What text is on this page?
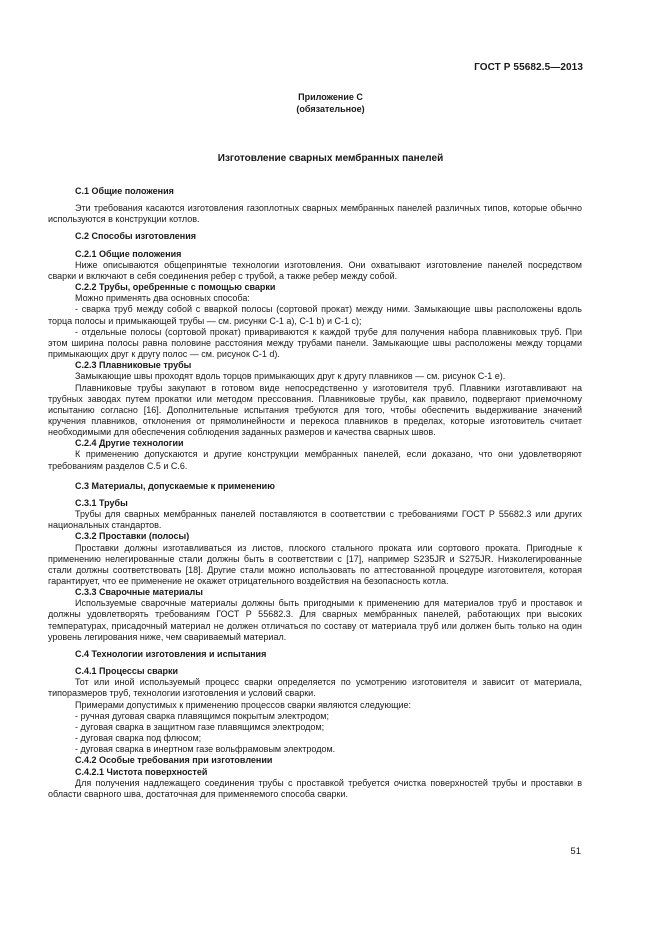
ГОСТ Р 55682.5—2013
Приложение С
(обязательное)
Изготовление сварных мембранных панелей

С.1 Общие положения

Эти требования касаются изготовления газоплотных сварных мембранных панелей различных типов, которые обычно используются в конструкции котлов.

С.2 Способы изготовления

С.2.1 Общие положения

Ниже описываются общепринятые технологии изготовления. Они охватывают изготовление панелей посредством сварки и включают в себя соединения ребер с трубой, а также ребер между собой.

С.2.2 Трубы, оребренные с помощью сварки

Можно применять два основных способа:

- сварка труб между собой с вваркой полосы (сортовой прокат) между ними. Замыкающие швы расположены вдоль торца полосы и примыкающей трубы — см. рисунки С-1 a), С-1 b) и С-1 с);

- отдельные полосы (сортовой прокат) привариваются к каждой трубе для получения набора плавниковых труб. При этом ширина полосы равна половине расстояния между трубами панели. Замыкающие швы расположены между торцами примыкающих друг к другу полос — см. рисунок С-1 d).

С.2.3 Плавниковые трубы

Замыкающие швы проходят вдоль торцов примыкающих друг к другу плавников — см. рисунок С-1 е).

Плавниковые трубы закупают в готовом виде непосредственно у изготовителя труб. Плавники изготавливают на трубных заводах путем прокатки или методом прессования. Плавниковые трубы, как правило, подвергают приемочному испытанию согласно [16]. Дополнительные испытания требуются для того, чтобы обеспечить выдерживание значений кручения плавников, отклонения от прямолинейности и перекоса плавников в пределах, которые изготовитель считает необходимыми для обеспечения соблюдения заданных размеров и качества сварных швов.

С.2.4 Другие технологии

К применению допускаются и другие конструкции мембранных панелей, если доказано, что они удовлетворяют требованиям разделов С.5 и С.6.

С.3 Материалы, допускаемые к применению

С.3.1 Трубы

Трубы для сварных мембранных панелей поставляются в соответствии с требованиями ГОСТ Р 55682.3 или других национальных стандартов.

С.3.2 Проставки (полосы)

Проставки должны изготавливаться из листов, плоского стального проката или сортового проката. Пригодные к применению нелегированные стали должны быть в соответствии с [17], например S235JR и S275JR. Низколегированные стали должны соответствовать [18]. Другие стали можно использовать по аттестованной процедуре изготовителя, которая гарантирует, что ее применение не окажет отрицательного воздействия на безопасность котла.

С.3.3 Сварочные материалы

Используемые сварочные материалы должны быть пригодными к применению для материалов труб и проставок и должны удовлетворять требованиям ГОСТ Р 55682.3. Для сварных мембранных панелей, работающих при высоких температурах, присадочный материал не должен отличаться по составу от материала труб или должен быть только на один уровень легирования ниже, чем свариваемый материал.

С.4 Технологии изготовления и испытания

С.4.1 Процессы сварки

Тот или иной используемый процесс сварки определяется по усмотрению изготовителя и зависит от материала, типоразмеров труб, технологии изготовления и условий сварки.

Примерами допустимых к применению процессов сварки являются следующие:

- ручная дуговая сварка плавящимся покрытым электродом;

- дуговая сварка в защитном газе плавящимся электродом;

- дуговая сварка под флюсом;

- дуговая сварка в инертном газе вольфрамовым электродом.

С.4.2 Особые требования при изготовлении

С.4.2.1 Чистота поверхностей

Для получения надлежащего соединения трубы с проставкой требуется очистка поверхностей трубы и проставки в области сварного шва, достаточная для применяемого способа сварки.

51
